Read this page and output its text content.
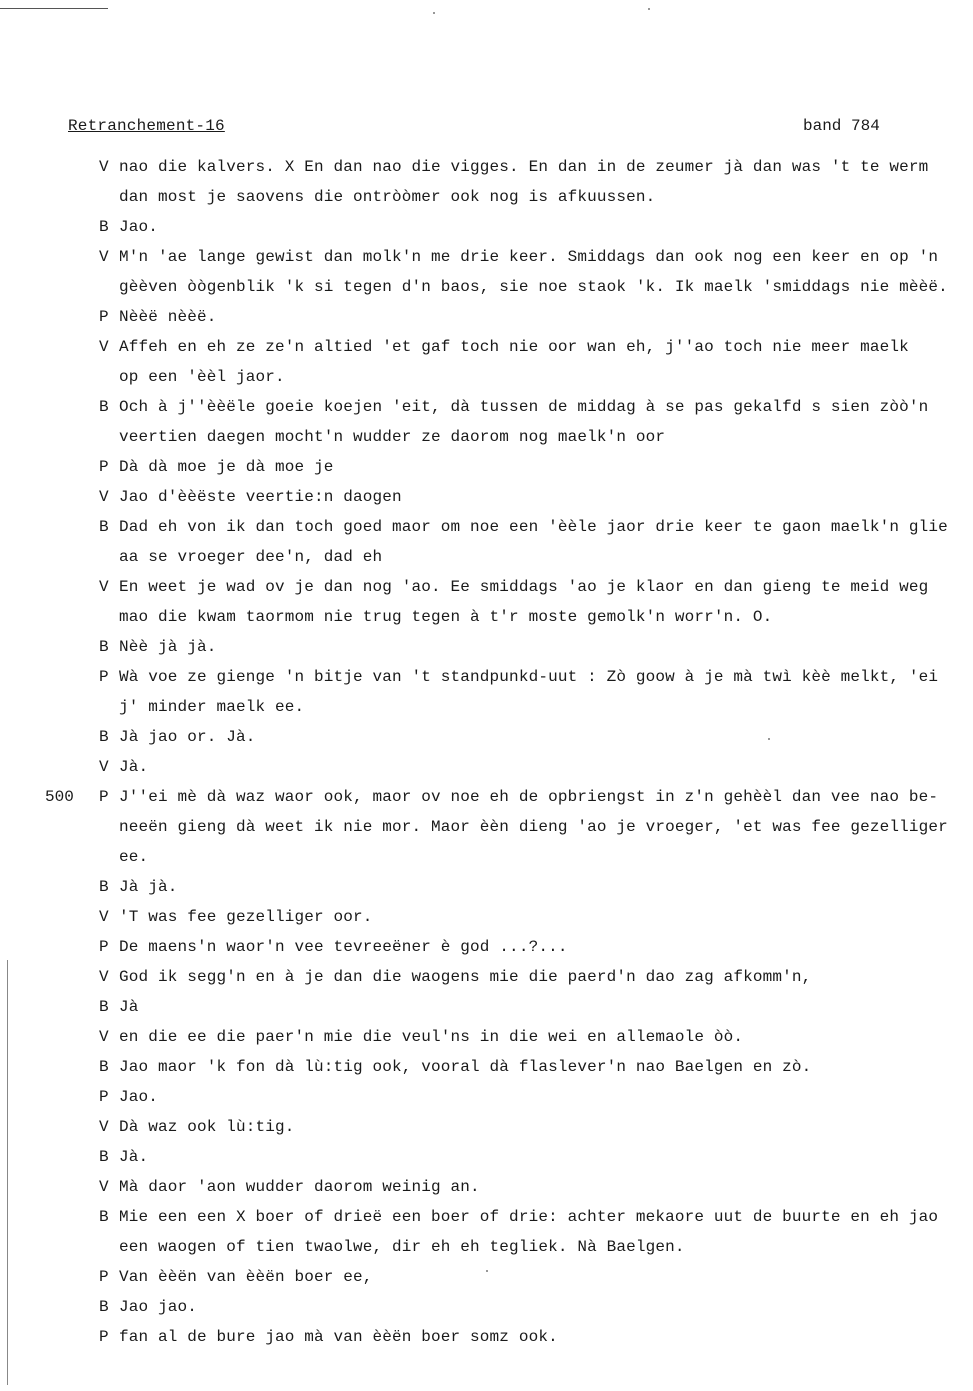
Retranchement-16	band 784
V nao die kalvers. X En dan nao die vigges. En dan in de zeumer jà dan was 't te werm
dan most je saovens die ontròòmer ook nog is afkuussen.
B Jao.
V M'n 'ae lange gewist dan molk'n me drie keer. Smiddags dan ook nog een keer en op 'n
gèèven òògenblik 'k si tegen d'n baos, sie noe staok 'k. Ik maelk 'smiddags nie mèèë.
P Nèèë nèèë.
V Affeh en eh ze ze'n altied 'et gaf toch nie oor wan eh, j''ao toch nie meer maelk
op een 'èèl jaor.
B Och à j''èèële goeie koejen 'eit, dà tussen de middag à se pas gekalfd s sien zòò'n
veertien daegen mocht'n wudder ze daorom nog maelk'n oor
P Dà dà moe je dà moe je
V Jao d'èèëste veertie:n daogen
B Dad eh von ik dan toch goed maor om noe een 'èèle jaor drie keer te gaon maelk'n glie
aa se vroeger dee'n, dad eh
V En weet je wad ov je dan nog 'ao. Ee smiddags 'ao je klaor en dan gieng te meid weg
mao die kwam taormom nie trug tegen à t'r moste gemolk'n worr'n. O.
B Nèè jà jà.
P Wà voe ze gienge 'n bitje van 't standpunkd-uut : Zò goow à je mà twì kèè melkt, 'ei
j' minder maelk ee.
B Jà jao or. Jà.
V Jà.
500 P J''ei mè dà waz waor ook, maor ov noe eh de opbriengst in z'n gehèèl dan vee nao be-
neeën gieng dà weet ik nie mor. Maor èèn dieng 'ao je vroeger, 'et was fee gezelliger
ee.
B Jà jà.
V 'T was fee gezelliger oor.
P De maens'n waor'n vee tevreeëner è god ...?...
V God ik segg'n en à je dan die waogens mie die paerd'n dao zag afkomm'n,
B Jà
V en die ee die paer'n mie die veul'ns in die wei en allemaole òò.
B Jao maor 'k fon dà lù:tig ook, vooral dà flaslever'n nao Baelgen en zò.
P Jao.
V Dà waz ook lù:tig.
B Jà.
V Mà daor 'aon wudder daorom weinig an.
B Mie een een X boer of drieë een boer of drie: achter mekaore uut de buurte en eh jao
een waogen of tien twaolwe, dir eh eh tegliek. Nà Baelgen.
P Van èèën van èèën boer ee,
B Jao jao.
P fan al de bure jao mà van èèën boer somz ook.
